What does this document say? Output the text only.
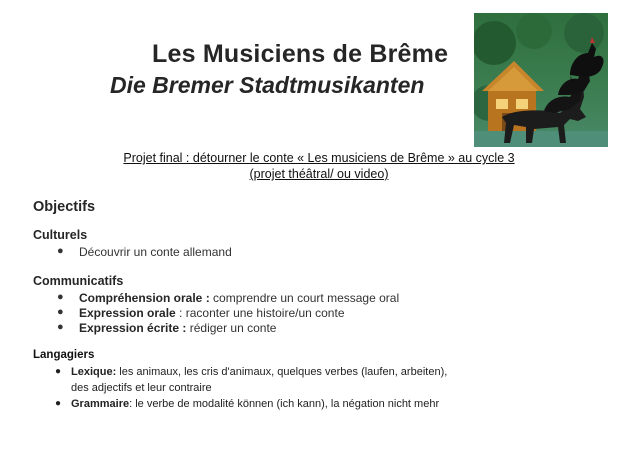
Les Musiciens de Brême
Die Bremer Stadtmusikanten
Projet final : détourner le conte « Les musiciens de Brême » au cycle 3
(projet théâtral/ ou video)
Objectifs
Culturels
● Découvrir un conte allemand
Communicatifs
● Compréhension orale : comprendre un court message oral
● Expression orale : raconter une histoire/un conte
● Expression écrite : rédiger un conte
Langagiers
● Lexique: les animaux, les cris d'animaux, quelques verbes (laufen, arbeiten),
des adjectifs et leur contraire
● Grammaire: le verbe de modalité können (ich kann), la négation nicht mehr
